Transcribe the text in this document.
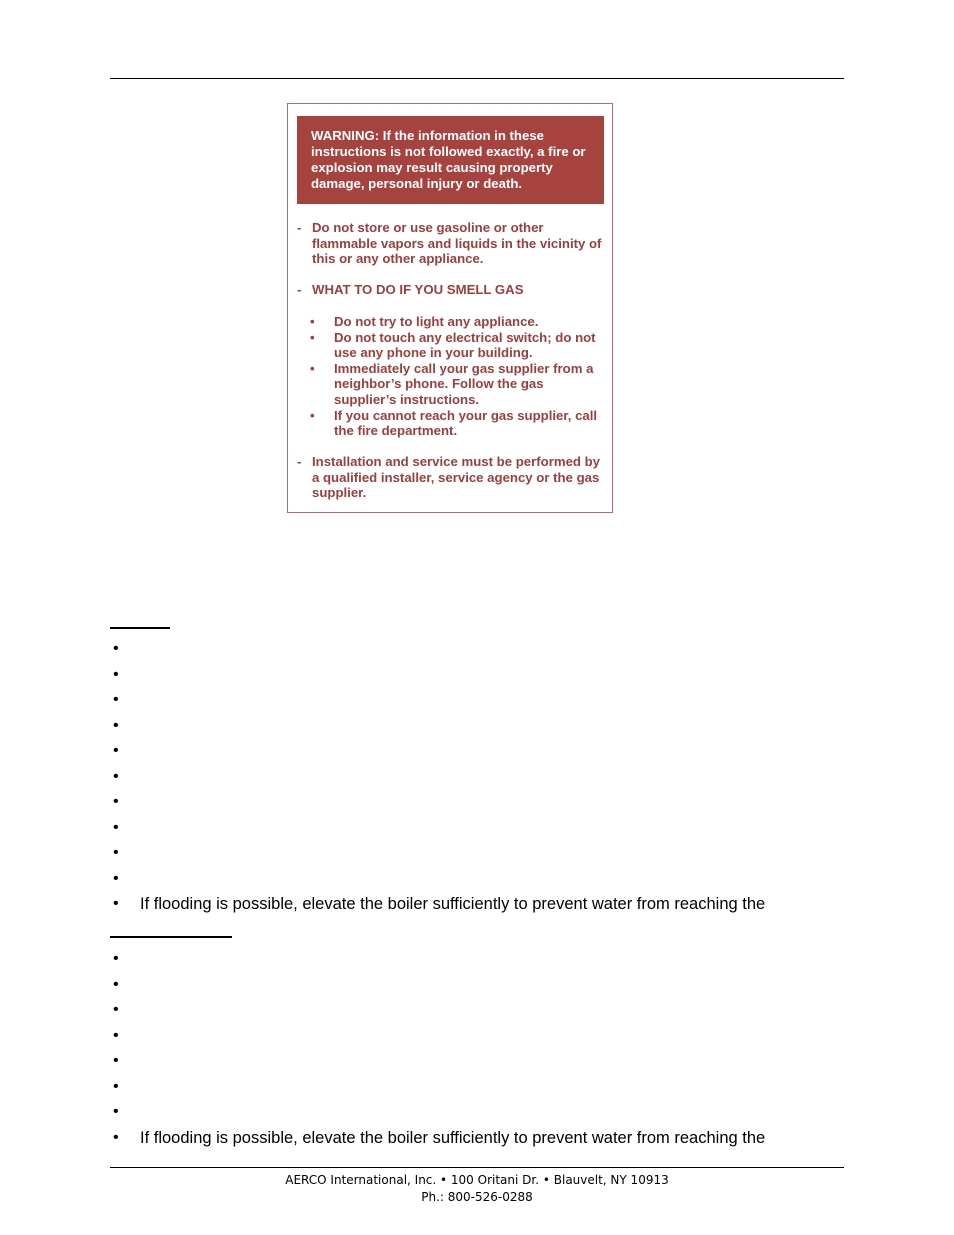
WARNING: If the information in these instructions is not followed exactly, a fire or explosion may result causing property damage, personal injury or death.
- Do not store or use gasoline or other flammable vapors and liquids in the vicinity of this or any other appliance.
- WHAT TO DO IF YOU SMELL GAS
• Do not try to light any appliance.
• Do not touch any electrical switch; do not use any phone in your building.
• Immediately call your gas supplier from a neighbor’s phone. Follow the gas supplier’s instructions.
• If you cannot reach your gas supplier, call the fire department.
- Installation and service must be performed by a qualified installer, service agency or the gas supplier.
•
•
•
•
•
•
•
•
•
•
• If flooding is possible, elevate the boiler sufficiently to prevent water from reaching the
•
•
•
•
•
•
•
• If flooding is possible, elevate the boiler sufficiently to prevent water from reaching the
AERCO International, Inc. • 100 Oritani Dr. • Blauvelt, NY 10913
Ph.: 800-526-0288
